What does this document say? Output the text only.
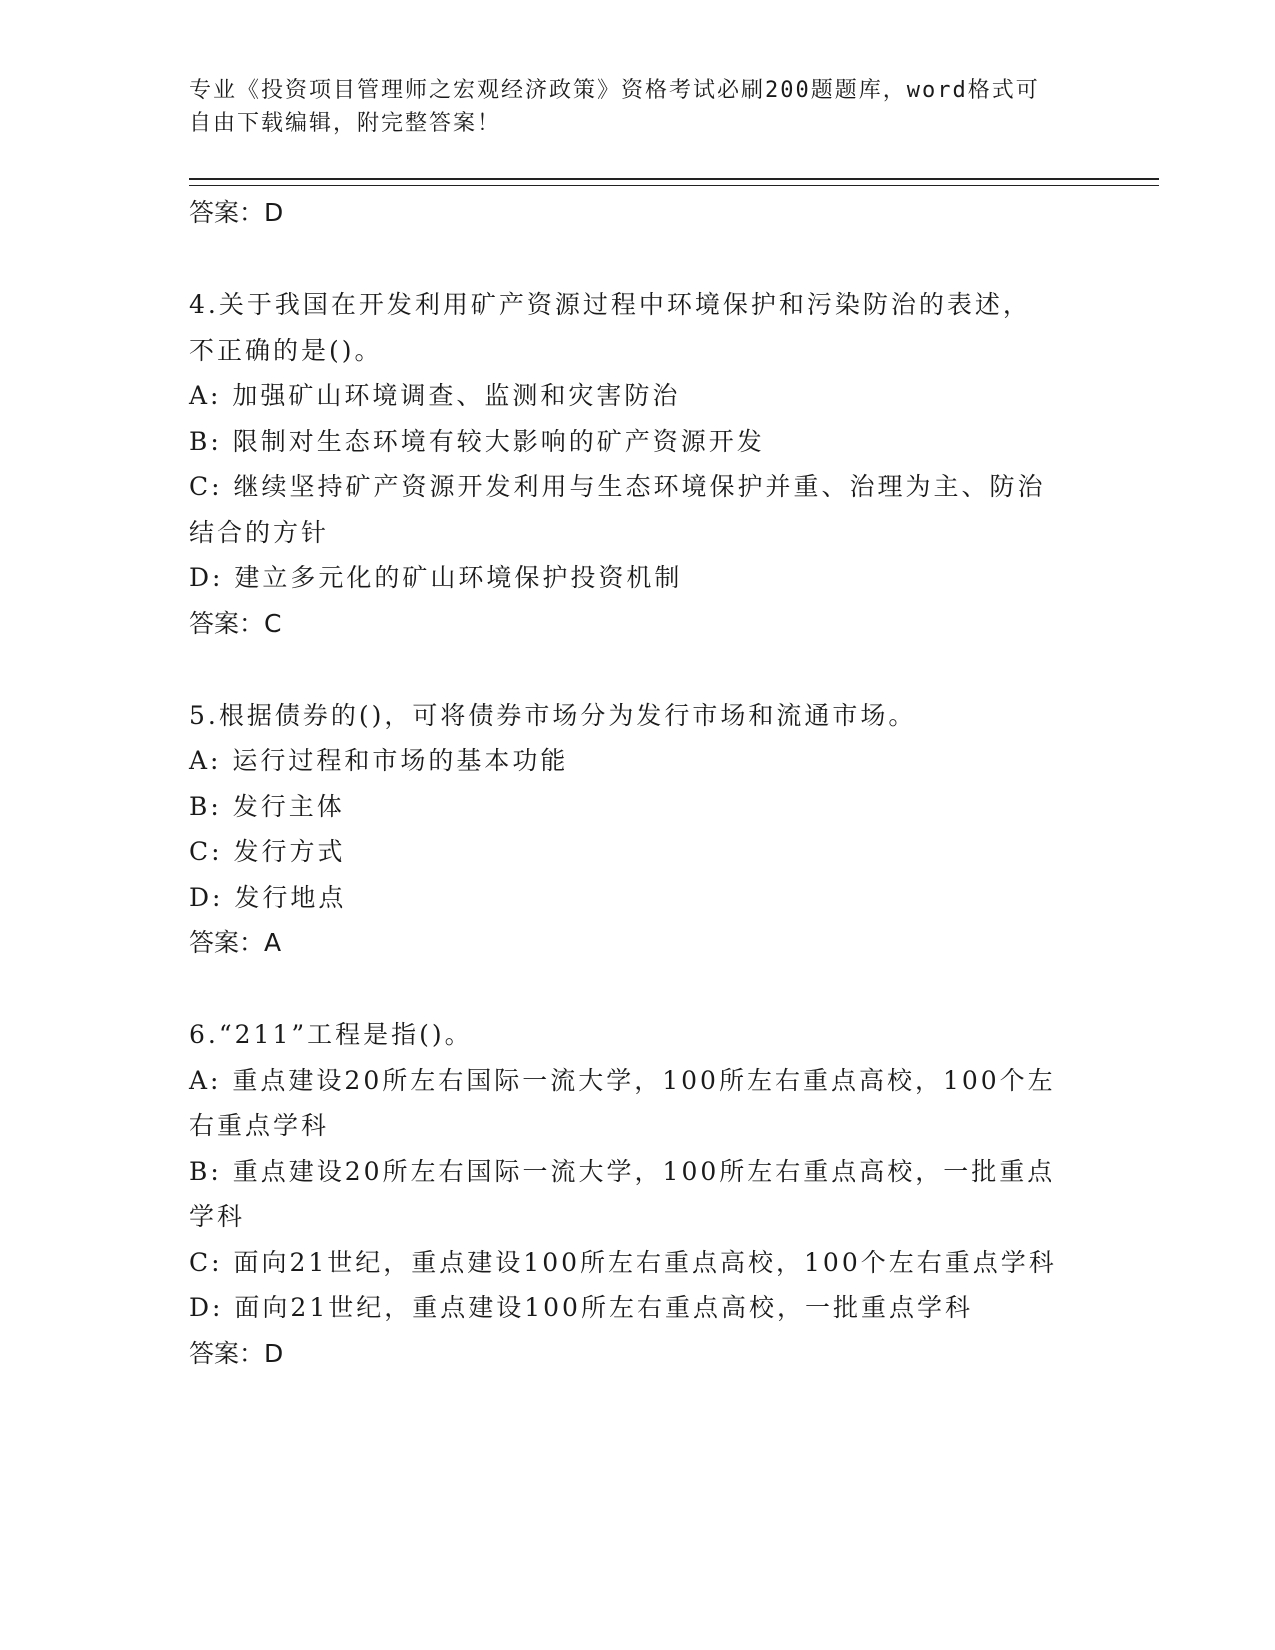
专业《投资项目管理师之宏观经济政策》资格考试必刷200题题库，word格式可
自由下载编辑，附完整答案！

答案：D

4.关于我国在开发利用矿产资源过程中环境保护和污染防治的表述，

不正确的是()。

A: 加强矿山环境调查、监测和灾害防治

B: 限制对生态环境有较大影响的矿产资源开发

C: 继续坚持矿产资源开发利用与生态环境保护并重、治理为主、防治

结合的方针

D: 建立多元化的矿山环境保护投资机制

答案：C

5.根据债券的()，可将债券市场分为发行市场和流通市场。

A: 运行过程和市场的基本功能

B: 发行主体

C: 发行方式

D: 发行地点

答案：A

6.“211”工程是指()。

A: 重点建设20所左右国际一流大学，100所左右重点高校，100个左

右重点学科

B: 重点建设20所左右国际一流大学，100所左右重点高校，一批重点

学科

C: 面向21世纪，重点建设100所左右重点高校，100个左右重点学科

D: 面向21世纪，重点建设100所左右重点高校，一批重点学科

答案：D
